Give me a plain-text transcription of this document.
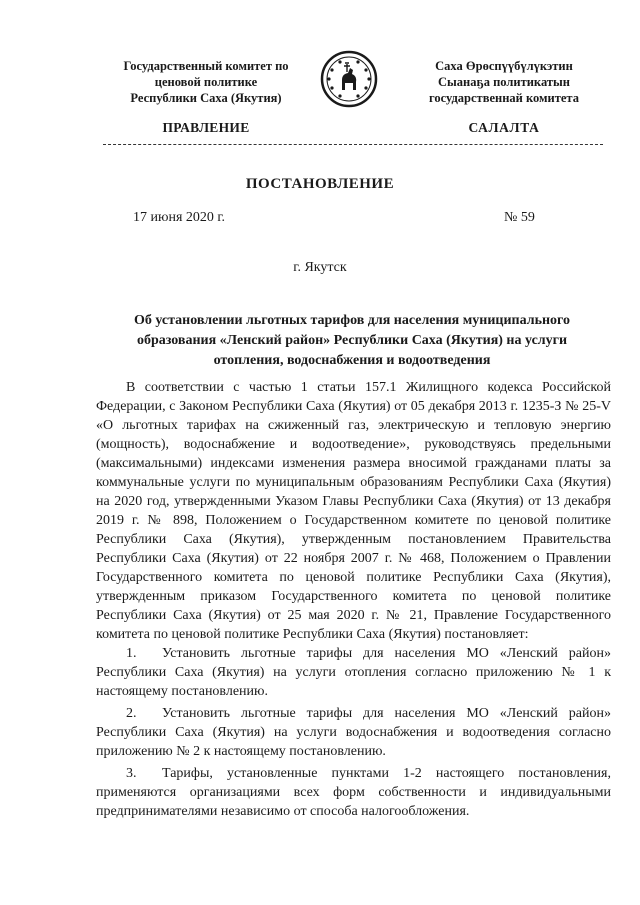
Государственный комитет по
ценовой политике
Республики Саха (Якутия)
Саха Өрөспүүбүлүкэтин
Сыанаҕа политикатын
государственнай комитета
ПРАВЛЕНИЕ	САЛАЛТА
ПОСТАНОВЛЕНИЕ
17 июня 2020 г.	№ 59
г. Якутск
Об установлении льготных тарифов для населения муниципального образования «Ленский район» Республики Саха (Якутия) на услуги отопления, водоснабжения и водоотведения

В соответствии с частью 1 статьи 157.1 Жилищного кодекса Российской Федерации, с Законом Республики Саха (Якутия) от 05 декабря 2013 г. 1235-З № 25-V «О льготных тарифах на сжиженный газ, электрическую и тепловую энергию (мощность), водоснабжение и водоотведение», руководствуясь предельными (максимальными) индексами изменения размера вносимой гражданами платы за коммунальные услуги по муниципальным образованиям Республики Саха (Якутия) на 2020 год, утвержденными Указом Главы Республики Саха (Якутия) от 13 декабря 2019 г. № 898, Положением о Государственном комитете по ценовой политике Республики Саха (Якутия), утвержденным постановлением Правительства Республики Саха (Якутия) от 22 ноября 2007 г. № 468, Положением о Правлении Государственного комитета по ценовой политике Республики Саха (Якутия), утвержденным приказом Государственного комитета по ценовой политике Республики Саха (Якутия) от 25 мая 2020 г. № 21, Правление Государственного комитета по ценовой политике Республики Саха (Якутия) постановляет:

1. Установить льготные тарифы для населения МО «Ленский район» Республики Саха (Якутия) на услуги отопления согласно приложению № 1 к настоящему постановлению.
2. Установить льготные тарифы для населения МО «Ленский район» Республики Саха (Якутия) на услуги водоснабжения и водоотведения согласно приложению № 2 к настоящему постановлению.
3. Тарифы, установленные пунктами 1-2 настоящего постановления, применяются организациями всех форм собственности и индивидуальными предпринимателями независимо от способа налогообложения.
